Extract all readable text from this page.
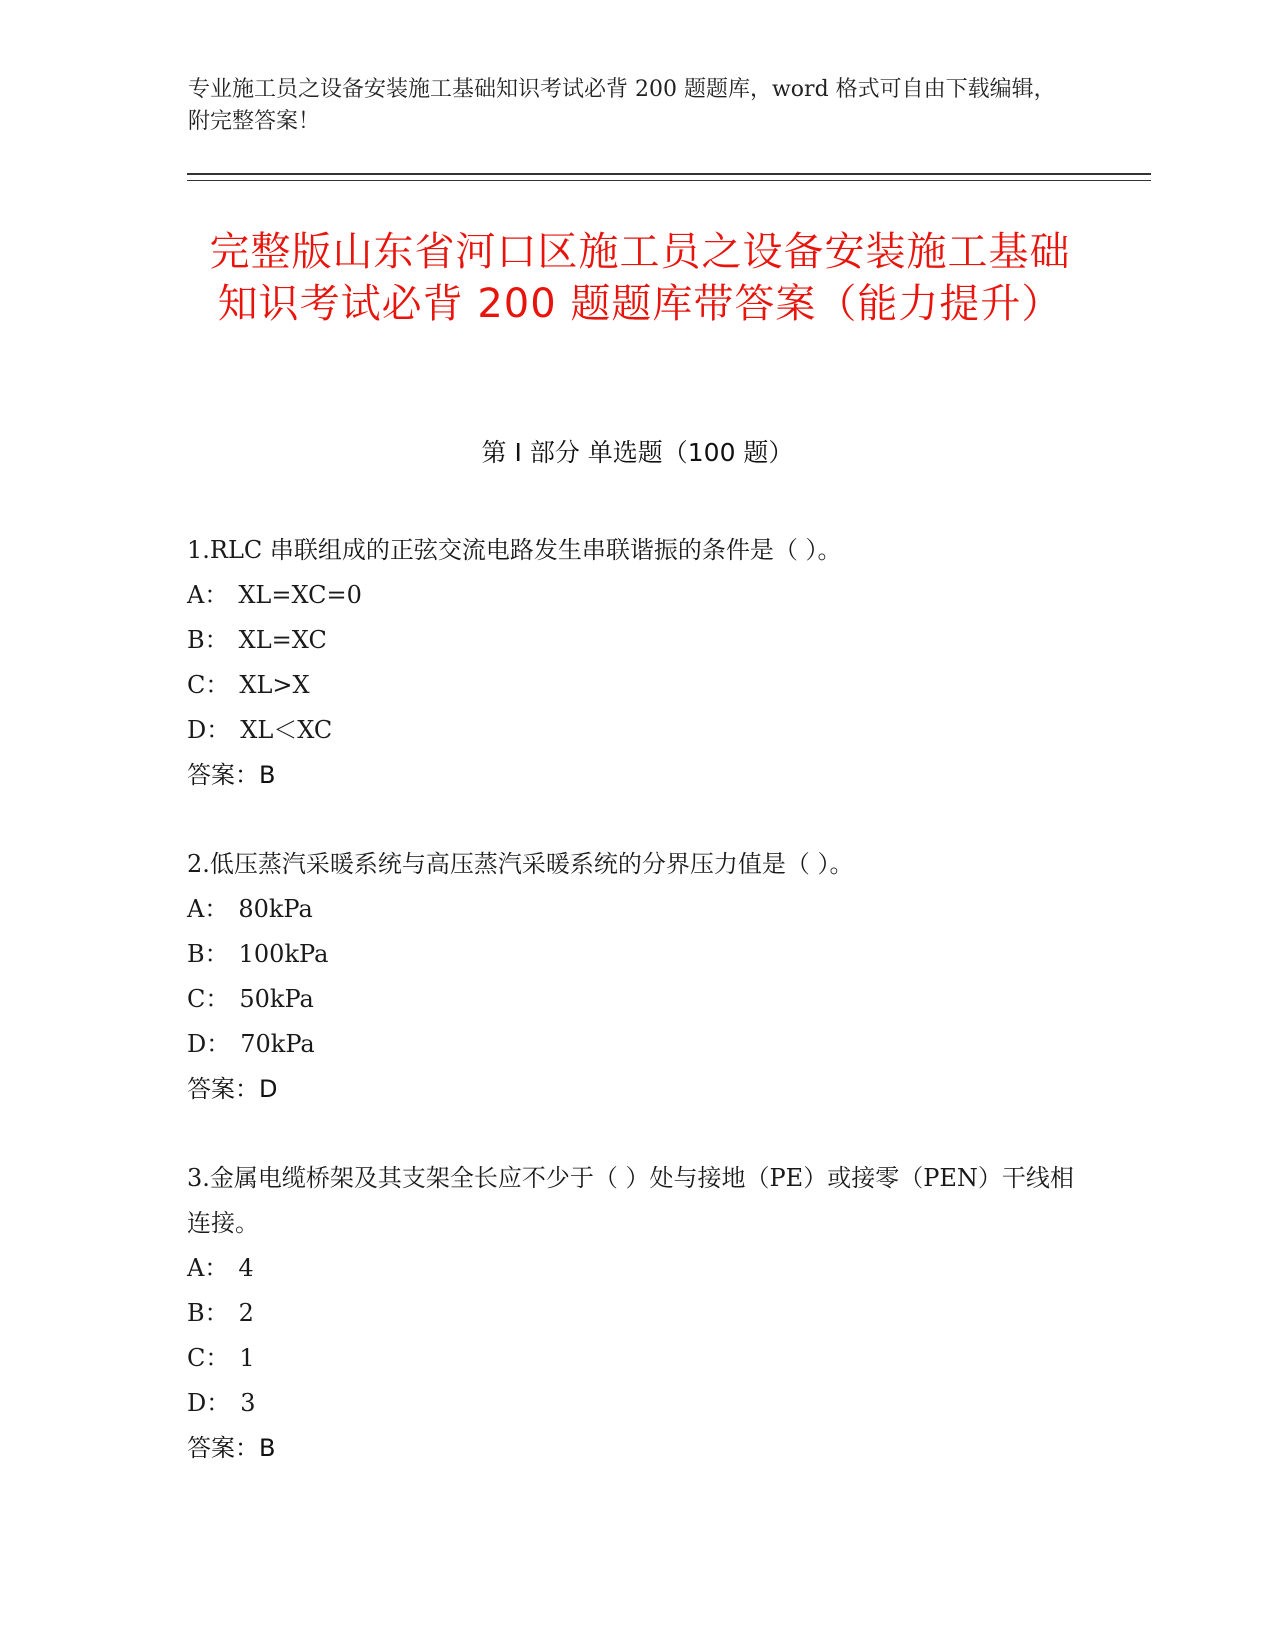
专业施工员之设备安装施工基础知识考试必背 200 题题库，word 格式可自由下载编辑，附完整答案！
完整版山东省河口区施工员之设备安装施工基础知识考试必背 200 题题库带答案（能力提升）
第 I 部分 单选题（100 题）

1.RLC 串联组成的正弦交流电路发生串联谐振的条件是（ ）。

A： XL=XC=0

B： XL=XC

C： XL>X

D： XL＜XC

答案：B

2.低压蒸汽采暖系统与高压蒸汽采暖系统的分界压力值是（ ）。

A： 80kPa

B： 100kPa

C： 50kPa

D： 70kPa

答案：D

3.金属电缆桥架及其支架全长应不少于（ ）处与接地（PE）或接零（PEN）干线相连接。

A： 4

B： 2

C： 1

D： 3

答案：B
